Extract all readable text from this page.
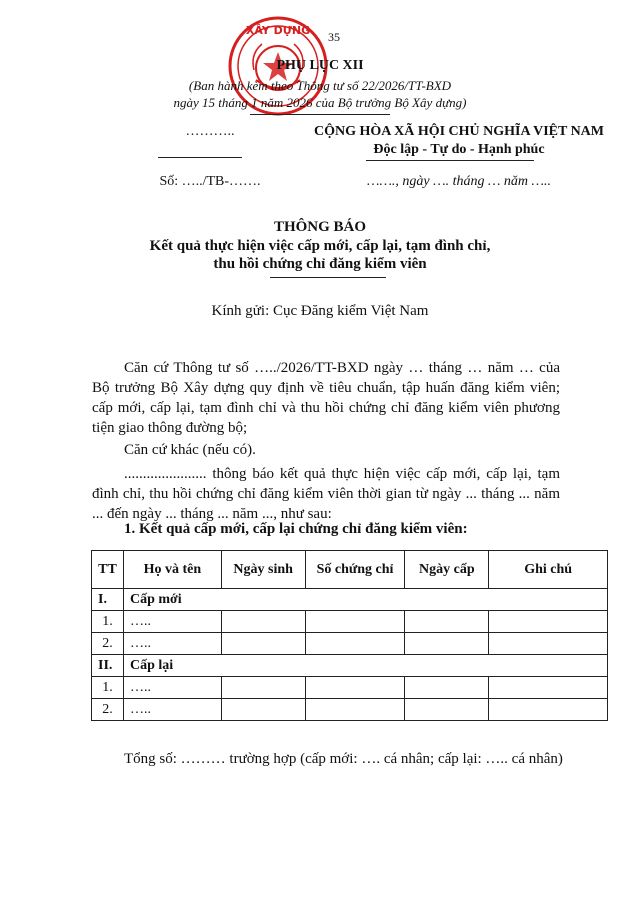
35
XÂY DỰNG
PHỤ LỤC XII
(Ban hành kèm theo Thông tư số 22/2026/TT-BXD
ngày 15 tháng 1 năm 2026 của Bộ trưởng Bộ Xây dựng)
………..	CỘNG HÒA XÃ HỘI CHỦ NGHĨA VIỆT NAM
Độc lập - Tự do - Hạnh phúc
Số: …../TB-…….	……., ngày …. tháng … năm …..
THÔNG BÁO
Kết quả thực hiện việc cấp mới, cấp lại, tạm đình chỉ,
thu hồi chứng chỉ đăng kiểm viên
Kính gửi: Cục Đăng kiểm Việt Nam
Căn cứ Thông tư số …../2026/TT-BXD ngày … tháng … năm … của Bộ trưởng Bộ Xây dựng quy định về tiêu chuẩn, tập huấn đăng kiểm viên; cấp mới, cấp lại, tạm đình chỉ và thu hồi chứng chỉ đăng kiểm viên phương tiện giao thông đường bộ;
Căn cứ khác (nếu có).
...................... thông báo kết quả thực hiện việc cấp mới, cấp lại, tạm đình chỉ, thu hồi chứng chỉ đăng kiểm viên thời gian từ ngày ... tháng ... năm ... đến ngày ... tháng ... năm ..., như sau:
1. Kết quả cấp mới, cấp lại chứng chỉ đăng kiểm viên:
TT	Họ và tên	Ngày sinh	Số chứng chỉ	Ngày cấp	Ghi chú
I.	Cấp mới				
1.	…..				
2.	…..				
II.	Cấp lại				
1.	…..				
2.	…..				
Tổng số: ……… trường hợp (cấp mới: …. cá nhân; cấp lại: ….. cá nhân)
